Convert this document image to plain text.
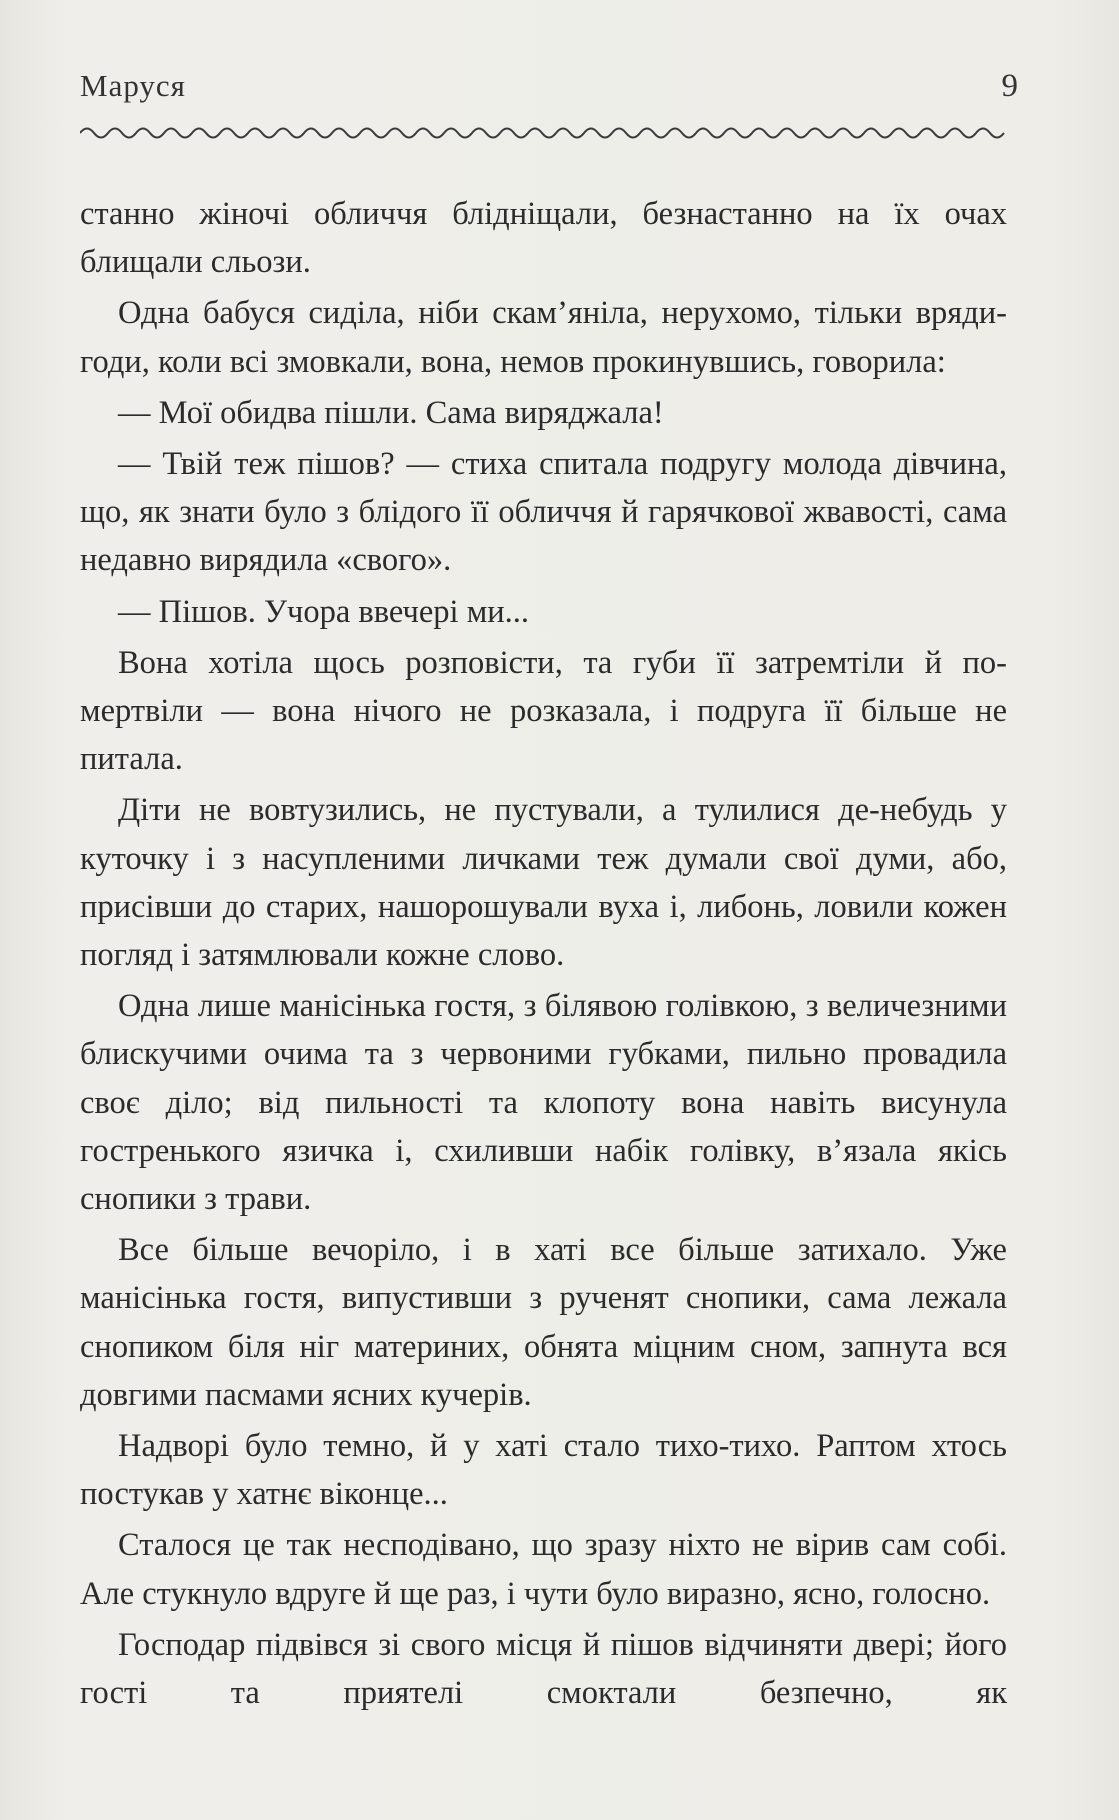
Маруся	9

станно жіночі обличчя блідніщали, безнастанно на їх очах блищали сльози.

Одна бабуся сиділа, ніби скам’яніла, нерухомо, тільки вряди-годи, коли всі змовкали, вона, немов прокинувшись, говорила:

— Мої обидва пішли. Сама виряджала!

— Твій теж пішов? — стиха спитала подругу молода дівчина, що, як знати було з блідого її обличчя й гарячкової жвавості, сама недавно вирядила «свого».

— Пішов. Учора ввечері ми...

Вона хотіла щось розповісти, та губи її затремтіли й помертвіли — вона нічого не розказала, і подруга її більше не питала.

Діти не вовтузились, не пустували, а тулилися де-небудь у куточку і з насупленими личками теж думали свої думи, або, присівши до старих, нашорошували вуха і, либонь, ловили кожен погляд і затямлювали кожне слово.

Одна лише манісінька гостя, з білявою голівкою, з величезними блискучими очима та з червоними губками, пильно провадила своє діло; від пильності та клопоту вона навіть висунула гостренького язичка і, схиливши набік голівку, в’язала якісь снопики з трави.

Все більше вечоріло, і в хаті все більше затихало. Уже манісінька гостя, випустивши з рученят снопики, сама лежала снопиком біля ніг материних, обнята міцним сном, запнута вся довгими пасмами ясних кучерів.

Надворі було темно, й у хаті стало тихо-тихо. Раптом хтось постукав у хатнє віконце...

Сталося це так несподівано, що зразу ніхто не вірив сам собі. Але стукнуло вдруге й ще раз, і чути було виразно, ясно, голосно.

Господар підвівся зі свого місця й пішов відчиняти двері; його гості та приятелі смоктали безпечно, як
